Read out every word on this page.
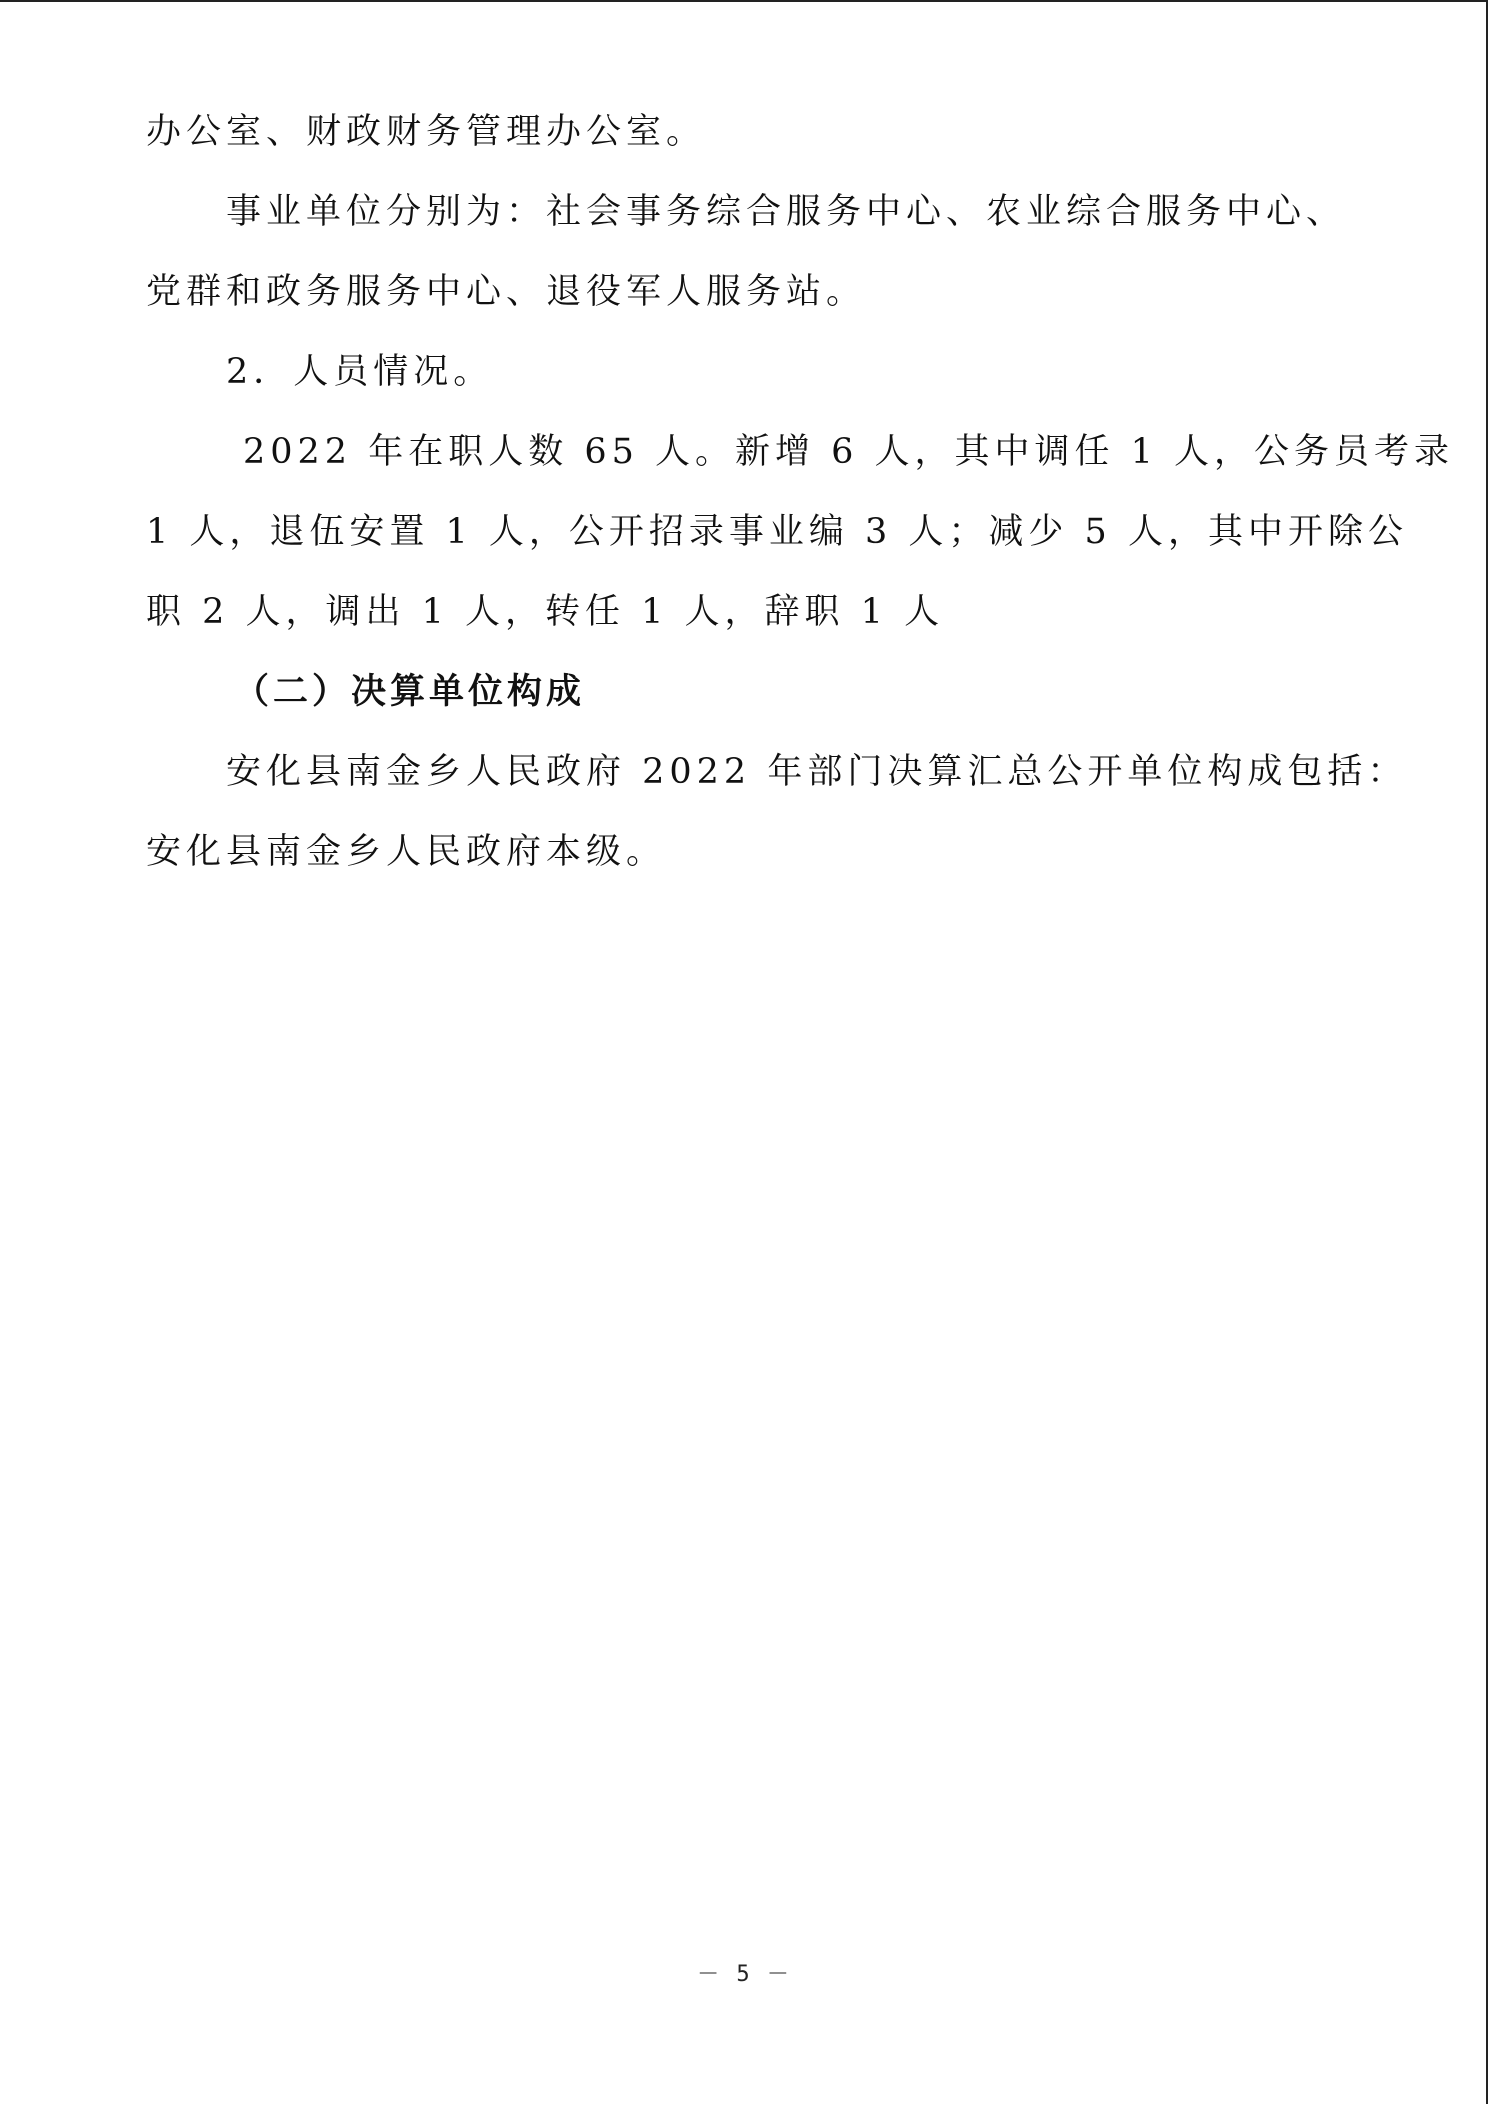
办公室、财政财务管理办公室。
事业单位分别为：社会事务综合服务中心、农业综合服务中心、
党群和政务服务中心、退役军人服务站。
2．人员情况。
2022 年在职人数 65 人。新增 6 人，其中调任 1 人，公务员考录
1 人，退伍安置 1 人，公开招录事业编 3 人；减少 5 人，其中开除公
职 2 人，调出 1 人，转任 1 人，辞职 1 人
（二）决算单位构成
安化县南金乡人民政府 2022 年部门决算汇总公开单位构成包括：
安化县南金乡人民政府本级。
－ 5 －
